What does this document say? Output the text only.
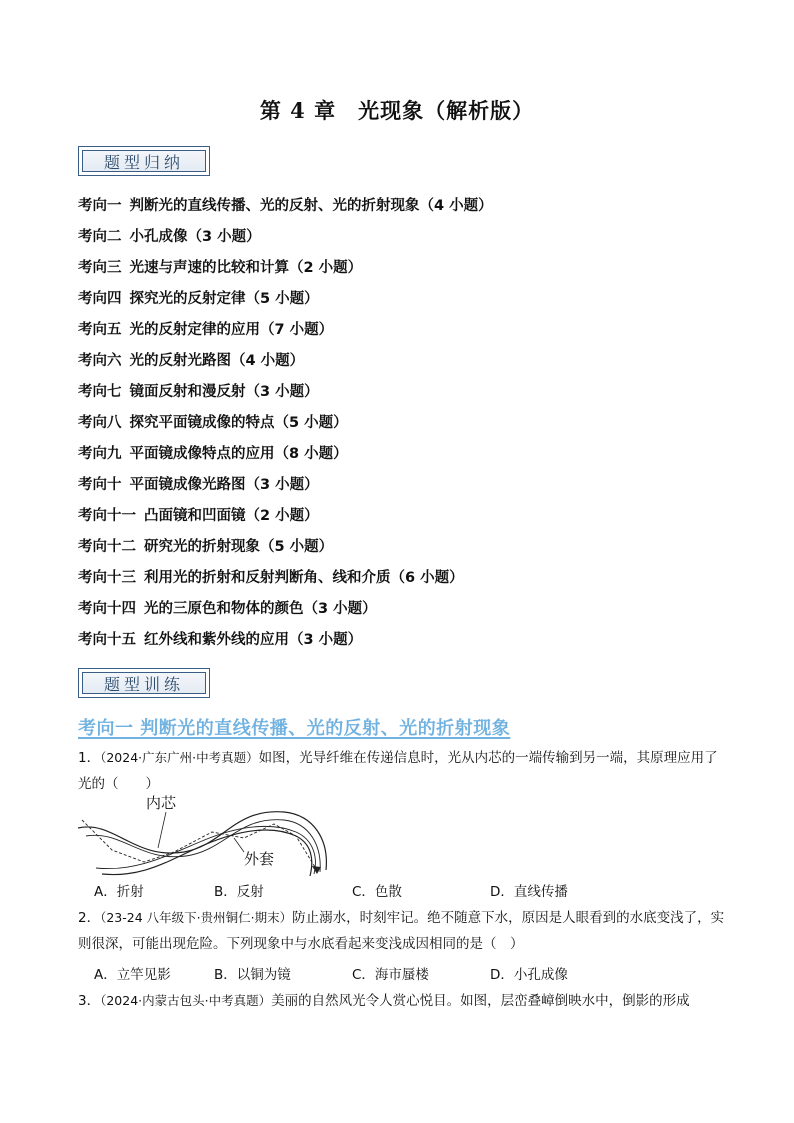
第 4 章　光现象（解析版）
题型归纳
考向一 判断光的直线传播、光的反射、光的折射现象（4 小题）
考向二 小孔成像（3 小题）
考向三 光速与声速的比较和计算（2 小题）
考向四 探究光的反射定律（5 小题）
考向五 光的反射定律的应用（7 小题）
考向六 光的反射光路图（4 小题）
考向七 镜面反射和漫反射（3 小题）
考向八 探究平面镜成像的特点（5 小题）
考向九 平面镜成像特点的应用（8 小题）
考向十 平面镜成像光路图（3 小题）
考向十一 凸面镜和凹面镜（2 小题）
考向十二 研究光的折射现象（5 小题）
考向十三 利用光的折射和反射判断角、线和介质（6 小题）
考向十四 光的三原色和物体的颜色（3 小题）
考向十五 红外线和紫外线的应用（3 小题）
题型训练
考向一 判断光的直线传播、光的反射、光的折射现象
1．（2024·广东广州·中考真题）如图，光导纤维在传递信息时，光从内芯的一端传输到另一端，其原理应用了光的（　　）
内芯
外套
A．折射	B．反射	C．色散	D．直线传播
2．（23-24 八年级下·贵州铜仁·期末）防止溺水，时刻牢记。绝不随意下水，原因是人眼看到的水底变浅了，实则很深，可能出现危险。下列现象中与水底看起来变浅成因相同的是（　）
A．立竿见影	B．以铜为镜	C．海市蜃楼	D．小孔成像
3．（2024·内蒙古包头·中考真题）美丽的自然风光令人赏心悦目。如图，层峦叠嶂倒映水中，倒影的形成
